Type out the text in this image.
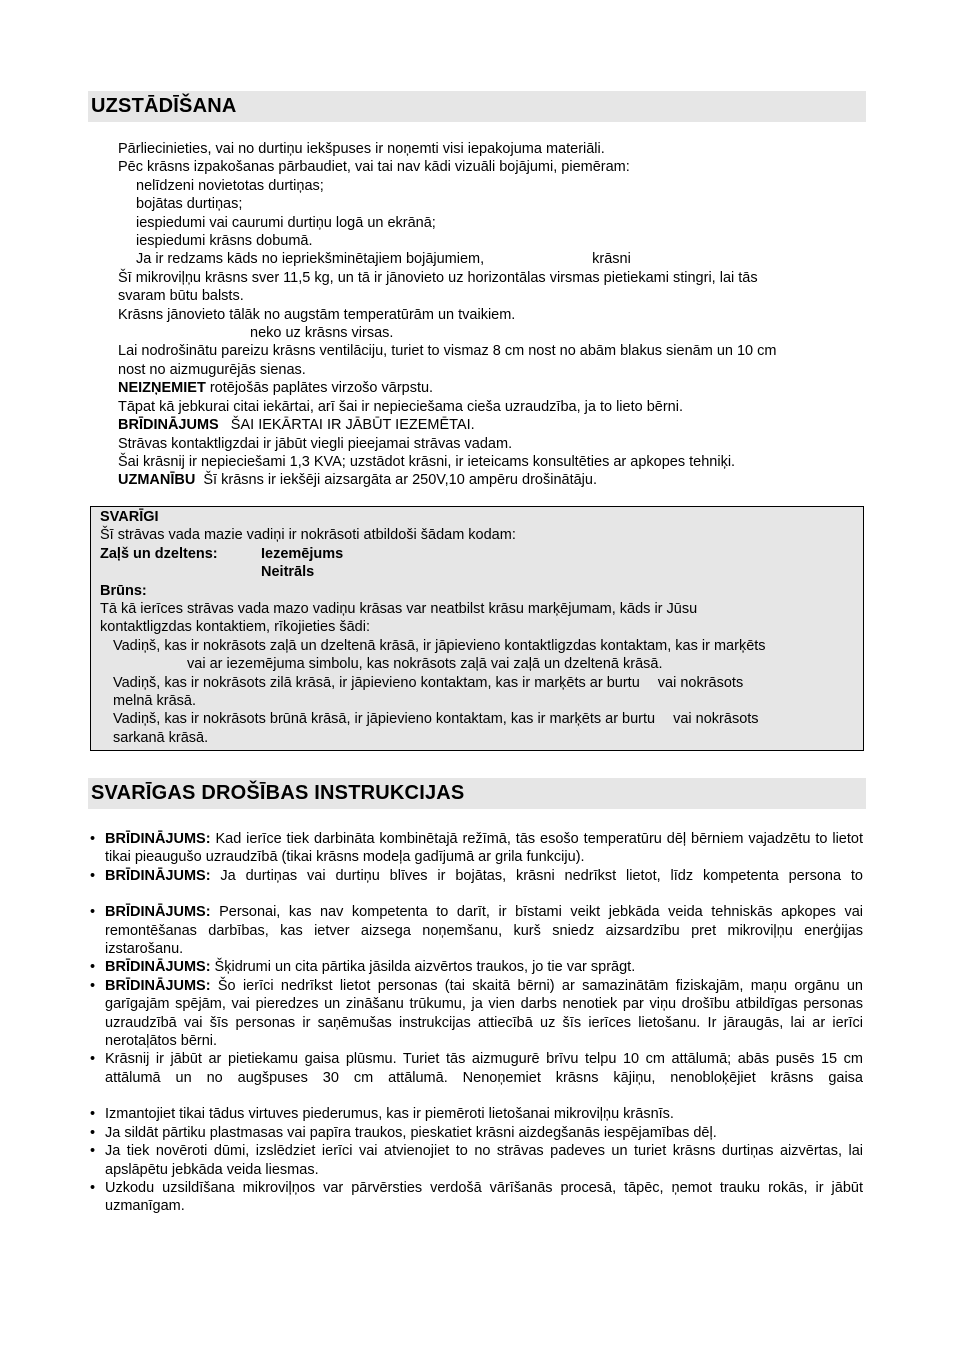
UZSTĀDĪŠANA
Pārliecinieties, vai no durtiņu iekšpuses ir noņemti visi iepakojuma materiāli.
Pēc krāsns izpakošanas pārbaudiet, vai tai nav kādi vizuāli bojājumi, piemēram:
nelīdzeni novietotas durtiņas;
bojātas durtiņas;
iespiedumi vai caurumi durtiņu logā un ekrānā;
iespiedumi krāsns dobumā.
Ja ir redzams kāds no iepriekšminētajiem bojājumiem,	krāsni
Šī mikroviļņu krāsns sver 11,5 kg, un tā ir jānovieto uz horizontālas virsmas pietiekami stingri, lai tās
svaram būtu balsts.
Krāsns jānovieto tālāk no augstām temperatūrām un tvaikiem.
neko uz krāsns virsas.
Lai nodrošinātu pareizu krāsns ventilāciju, turiet to vismaz 8 cm nost no abām blakus sienām un 10 cm
nost no aizmugurējās sienas.
NEIZŅEMIET rotējošās paplātes virzošo vārpstu.
Tāpat kā jebkurai citai iekārtai, arī šai ir nepieciešama cieša uzraudzība, ja to lieto bērni.
BRĪDINĀJUMS   ŠAI IEKĀRTAI IR JĀBŪT IEZEMĒTAI.
Strāvas kontaktligzdai ir jābūt viegli pieejamai strāvas vadam.
Šai krāsnij ir nepieciešami 1,3 KVA; uzstādot krāsni, ir ieteicams konsultēties ar apkopes tehniķi.
UZMANĪBU  Šī krāsns ir iekšēji aizsargāta ar 250V,10 ampēru drošinātāju.
SVARĪGI
Šī strāvas vada mazie vadiņi ir nokrāsoti atbildoši šādam kodam:
Zaļš un dzeltens:	Iezemējums
Neitrāls
Brūns:
Tā kā ierīces strāvas vada mazo vadiņu krāsas var neatbilst krāsu marķējumam, kāds ir Jūsu
kontaktligzdas kontaktiem, rīkojieties šādi:
Vadiņš, kas ir nokrāsots zaļā un dzeltenā krāsā, ir jāpievieno kontaktligzdas kontaktam, kas ir marķēts
vai ar iezemējuma simbolu, kas nokrāsots zaļā vai zaļā un dzeltenā krāsā.
Vadiņš, kas ir nokrāsots zilā krāsā, ir jāpievieno kontaktam, kas ir marķēts ar burtu vai nokrāsots
melnā krāsā.
Vadiņš, kas ir nokrāsots brūnā krāsā, ir jāpievieno kontaktam, kas ir marķēts ar burtu vai nokrāsots
sarkanā krāsā.
SVARĪGAS DROŠĪBAS INSTRUKCIJAS
• BRĪDINĀJUMS: Kad ierīce tiek darbināta kombinētajā režīmā, tās esošo temperatūru dēļ bērniem vajadzētu to lietot tikai pieaugušo uzraudzībā (tikai krāsns modeļa gadījumā ar grila funkciju).
• BRĪDINĀJUMS: Ja durtiņas vai durtiņu blīves ir bojātas, krāsni nedrīkst lietot, līdz kompetenta persona to
• BRĪDINĀJUMS: Personai, kas nav kompetenta to darīt, ir bīstami veikt jebkāda veida tehniskās apkopes vai remontēšanas darbības, kas ietver aizsega noņemšanu, kurš sniedz aizsardzību pret mikroviļņu enerģijas izstarošanu.
• BRĪDINĀJUMS: Šķidrumi un cita pārtika jāsilda aizvērtos traukos, jo tie var sprāgt.
• BRĪDINĀJUMS: Šo ierīci nedrīkst lietot personas (tai skaitā bērni) ar samazinātām fiziskajām, maņu orgānu un garīgajām spējām, vai pieredzes un zināšanu trūkumu, ja vien darbs nenotiek par viņu drošību atbildīgas personas uzraudzībā vai šīs personas ir saņēmušas instrukcijas attiecībā uz šīs ierīces lietošanu. Ir jāraugās, lai ar ierīci nerotaļātos bērni.
• Krāsnij ir jābūt ar pietiekamu gaisa plūsmu. Turiet tās aizmugurē brīvu telpu 10 cm attālumā; abās pusēs 15 cm attālumā un no augšpuses 30 cm attālumā. Nenoņemiet krāsns kājiņu, nenobloķējiet krāsns gaisa
• Izmantojiet tikai tādus virtuves piederumus, kas ir piemēroti lietošanai mikroviļņu krāsnīs.
• Ja sildāt pārtiku plastmasas vai papīra traukos, pieskatiet krāsni aizdegšanās iespējamības dēļ.
• Ja tiek novēroti dūmi, izslēdziet ierīci vai atvienojiet to no strāvas padeves un turiet krāsns durtiņas aizvērtas, lai apslāpētu jebkāda veida liesmas.
• Uzkodu uzsildīšana mikroviļņos var pārvērsties verdošā vārīšanās procesā, tāpēc, ņemot trauku rokās, ir jābūt uzmanīgam.
